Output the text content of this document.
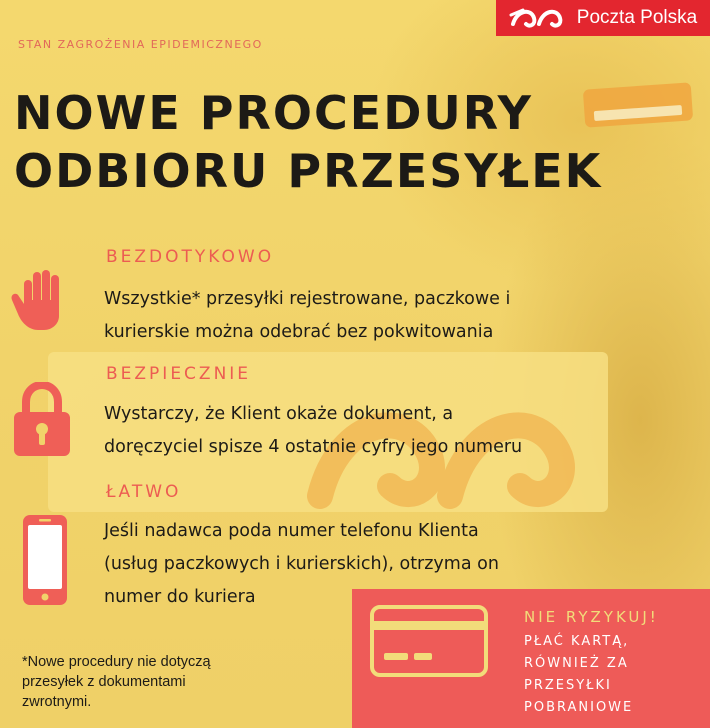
Poczta Polska
STAN ZAGROŻENIA EPIDEMICZNEGO
NOWE PROCEDURY
ODBIORU PRZESYŁEK
BEZDOTYKOWO
Wszystkie* przesyłki rejestrowane, paczkowe i
kurierskie można odebrać bez pokwitowania
BEZPIECZNIE
Wystarczy, że Klient okaże dokument, a
doręczyciel spisze 4 ostatnie cyfry jego numeru
ŁATWO
Jeśli nadawca poda numer telefonu Klienta
(usług paczkowych i kurierskich), otrzyma on
numer do kuriera
*Nowe procedury nie dotyczą
przesyłek z dokumentami
zwrotnymi.
NIE RYZYKUJ!
PŁAĆ KARTĄ,
RÓWNIEŻ ZA
PRZESYŁKI
POBRANIOWE
